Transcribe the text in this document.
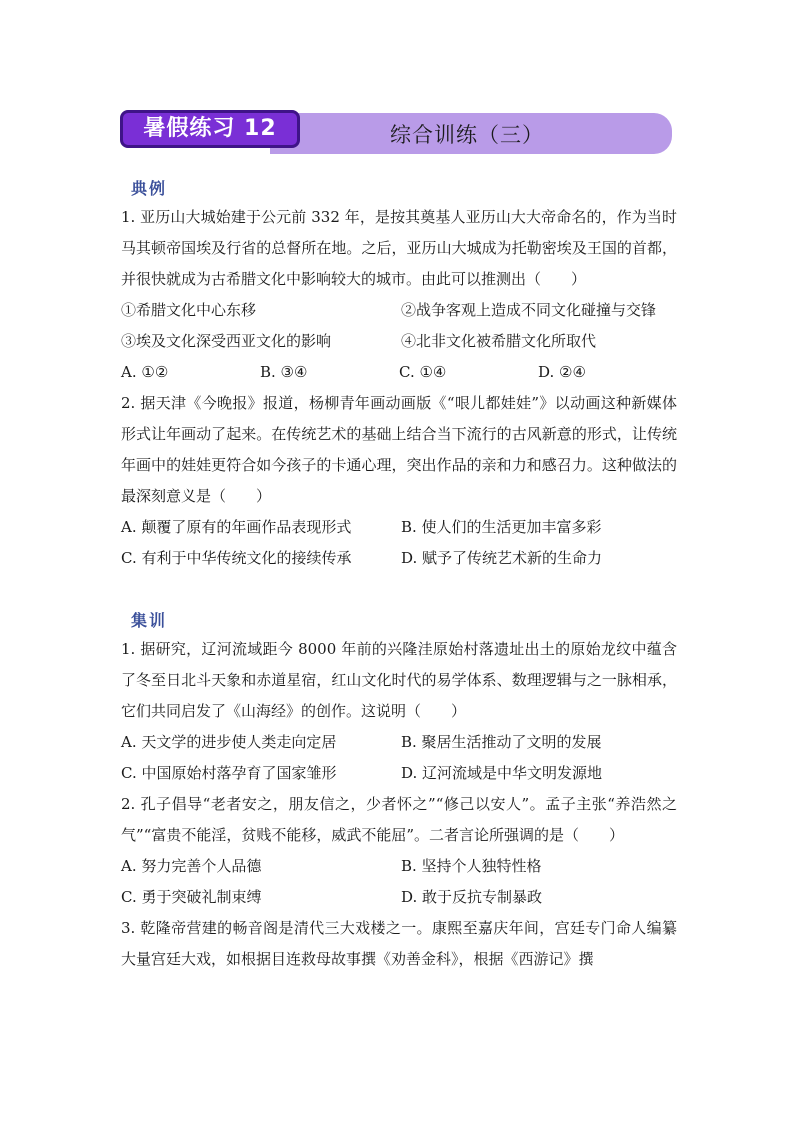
暑假练习 12	综合训练（三）
典例

1. 亚历山大城始建于公元前 332 年，是按其奠基人亚历山大大帝命名的，作为当时马其顿帝国埃及行省的总督所在地。之后，亚历山大城成为托勒密埃及王国的首都，并很快就成为古希腊文化中影响较大的城市。由此可以推测出（　　）

①希腊文化中心东移	②战争客观上造成不同文化碰撞与交锋
③埃及文化深受西亚文化的影响	④北非文化被希腊文化所取代
A. ①②	B. ③④	C. ①④	D. ②④

2. 据天津《今晚报》报道，杨柳青年画动画版《“哏儿都娃娃”》以动画这种新媒体形式让年画动了起来。在传统艺术的基础上结合当下流行的古风新意的形式，让传统年画中的娃娃更符合如今孩子的卡通心理，突出作品的亲和力和感召力。这种做法的最深刻意义是（　　）

A. 颠覆了原有的年画作品表现形式	B. 使人们的生活更加丰富多彩
C. 有利于中华传统文化的接续传承	D. 赋予了传统艺术新的生命力
集训

1. 据研究，辽河流域距今 8000 年前的兴隆洼原始村落遗址出土的原始龙纹中蕴含了冬至日北斗天象和赤道星宿，红山文化时代的易学体系、数理逻辑与之一脉相承，它们共同启发了《山海经》的创作。这说明（　　）

A. 天文学的进步使人类走向定居	B. 聚居生活推动了文明的发展
C. 中国原始村落孕育了国家雏形	D. 辽河流域是中华文明发源地

2. 孔子倡导“老者安之，朋友信之，少者怀之”“修己以安人”。孟子主张“养浩然之气”“富贵不能淫，贫贱不能移，威武不能屈”。二者言论所强调的是（　　）

A. 努力完善个人品德	B. 坚持个人独特性格
C. 勇于突破礼制束缚	D. 敢于反抗专制暴政

3. 乾隆帝营建的畅音阁是清代三大戏楼之一。康熙至嘉庆年间，宫廷专门命人编纂大量宫廷大戏，如根据目连救母故事撰《劝善金科》，根据《西游记》撰
